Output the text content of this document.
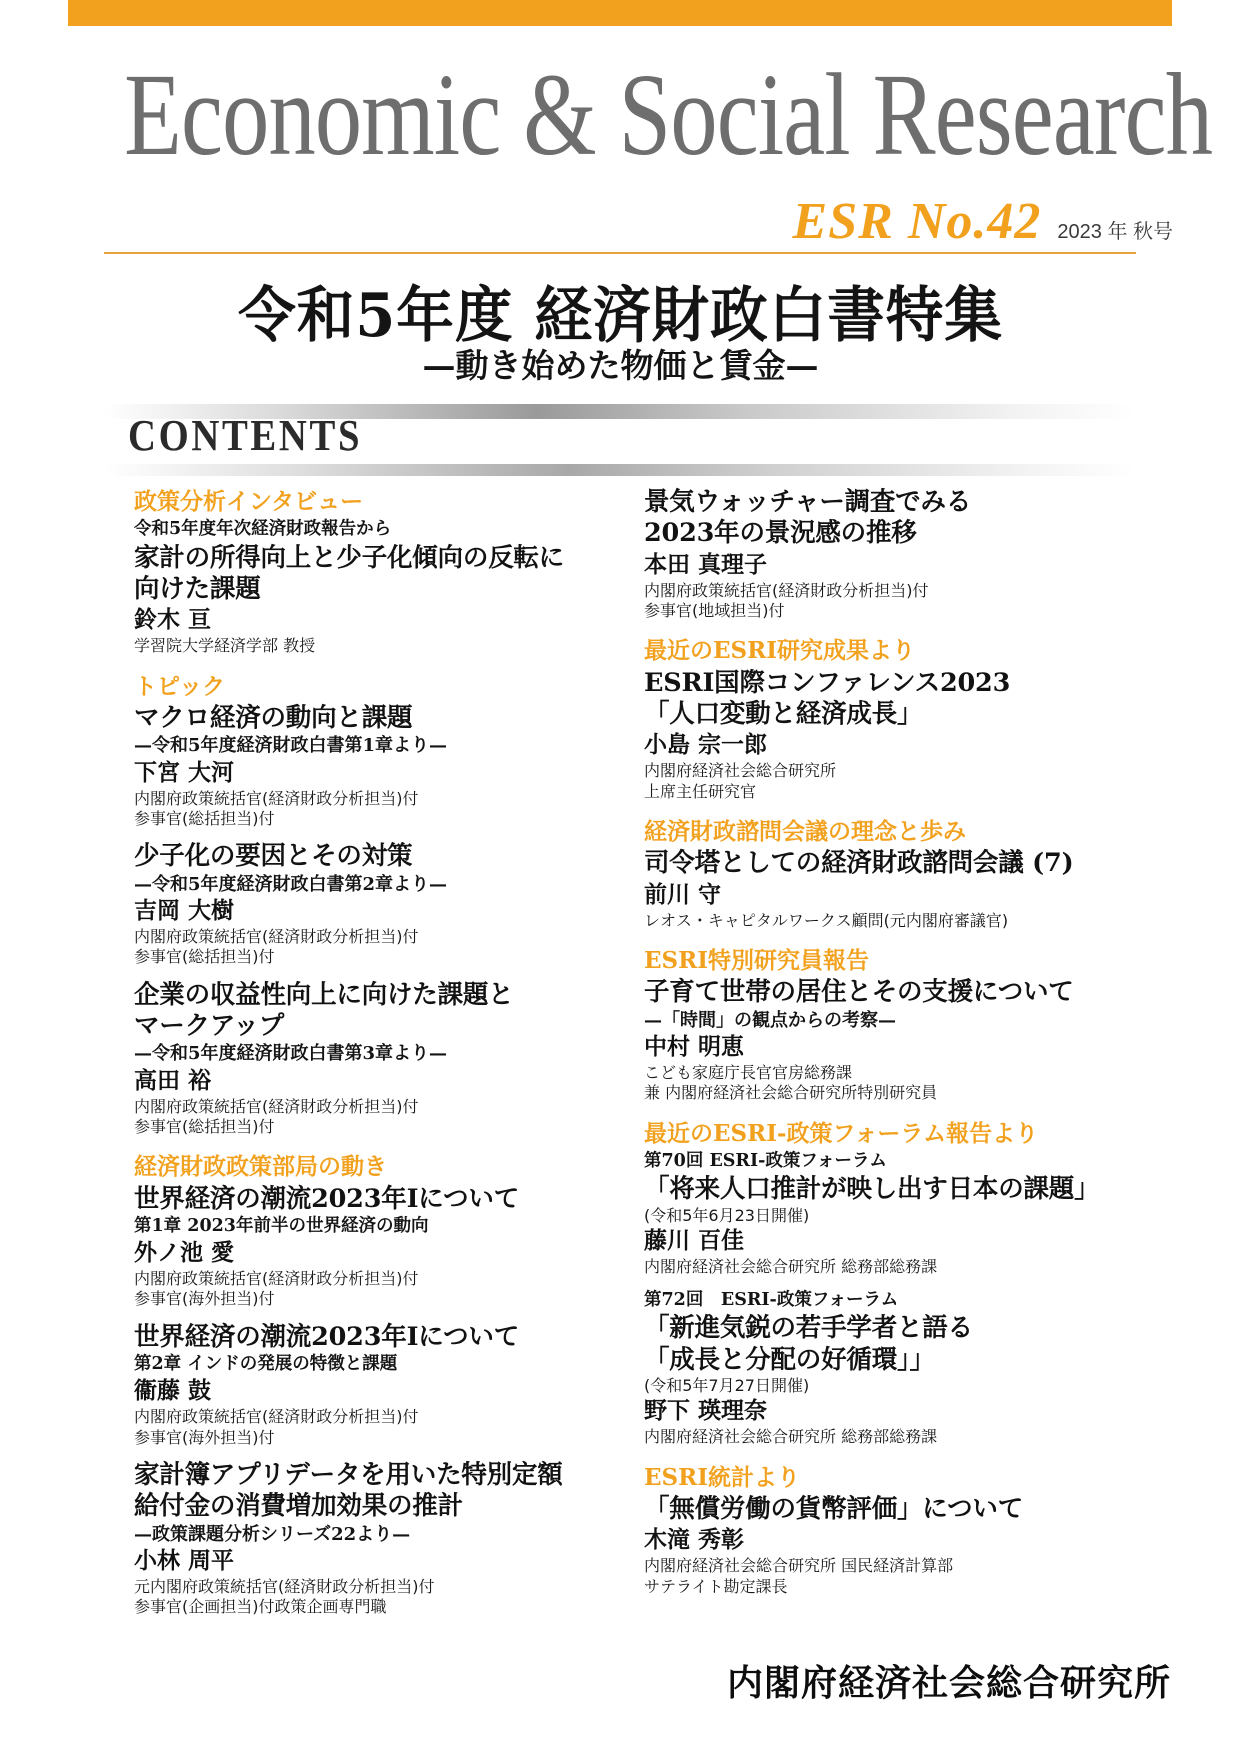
Economic & Social Research
ESR No.42 2023 年 秋号
令和5年度 経済財政白書特集
—動き始めた物価と賃金—
CONTENTS
政策分析インタビュー
令和5年度年次経済財政報告から
家計の所得向上と少子化傾向の反転に
向けた課題
鈴木 亘
学習院大学経済学部 教授
トピック
マクロ経済の動向と課題
—令和5年度経済財政白書第1章より—
下宮 大河
内閣府政策統括官(経済財政分析担当)付
参事官(総括担当)付
少子化の要因とその対策
—令和5年度経済財政白書第2章より—
吉岡 大樹
内閣府政策統括官(経済財政分析担当)付
参事官(総括担当)付
企業の収益性向上に向けた課題と
マークアップ
—令和5年度経済財政白書第3章より—
高田 裕
内閣府政策統括官(経済財政分析担当)付
参事官(総括担当)付
経済財政政策部局の動き
世界経済の潮流2023年Ⅰについて
第1章 2023年前半の世界経済の動向
外ノ池 愛
内閣府政策統括官(経済財政分析担当)付
参事官(海外担当)付
世界経済の潮流2023年Ⅰについて
第2章 インドの発展の特徴と課題
衞藤 鼓
内閣府政策統括官(経済財政分析担当)付
参事官(海外担当)付
家計簿アプリデータを用いた特別定額
給付金の消費増加効果の推計
—政策課題分析シリーズ22より—
小林 周平
元内閣府政策統括官(経済財政分析担当)付
参事官(企画担当)付政策企画専門職
景気ウォッチャー調査でみる
2023年の景況感の推移
本田 真理子
内閣府政策統括官(経済財政分析担当)付
参事官(地域担当)付
最近のESRI研究成果より
ESRI国際コンファレンス2023
「人口変動と経済成長」
小島 宗一郎
内閣府経済社会総合研究所
上席主任研究官
経済財政諮問会議の理念と歩み
司令塔としての経済財政諮問会議 (7)
前川 守
レオス・キャピタルワークス顧問(元内閣府審議官)
ESRI特別研究員報告
子育て世帯の居住とその支援について
—「時間」の観点からの考察—
中村 明恵
こども家庭庁長官官房総務課
兼 内閣府経済社会総合研究所特別研究員
最近のESRI-政策フォーラム報告より
第70回 ESRI-政策フォーラム
「将来人口推計が映し出す日本の課題」
(令和5年6月23日開催)
藤川 百佳
内閣府経済社会総合研究所 総務部総務課
第72回　ESRI-政策フォーラム
「新進気鋭の若手学者と語る
「成長と分配の好循環」」
(令和5年7月27日開催)
野下 瑛理奈
内閣府経済社会総合研究所 総務部総務課
ESRI統計より
「無償労働の貨幣評価」について
木滝 秀彰
内閣府経済社会総合研究所 国民経済計算部
サテライト勘定課長
内閣府経済社会総合研究所
